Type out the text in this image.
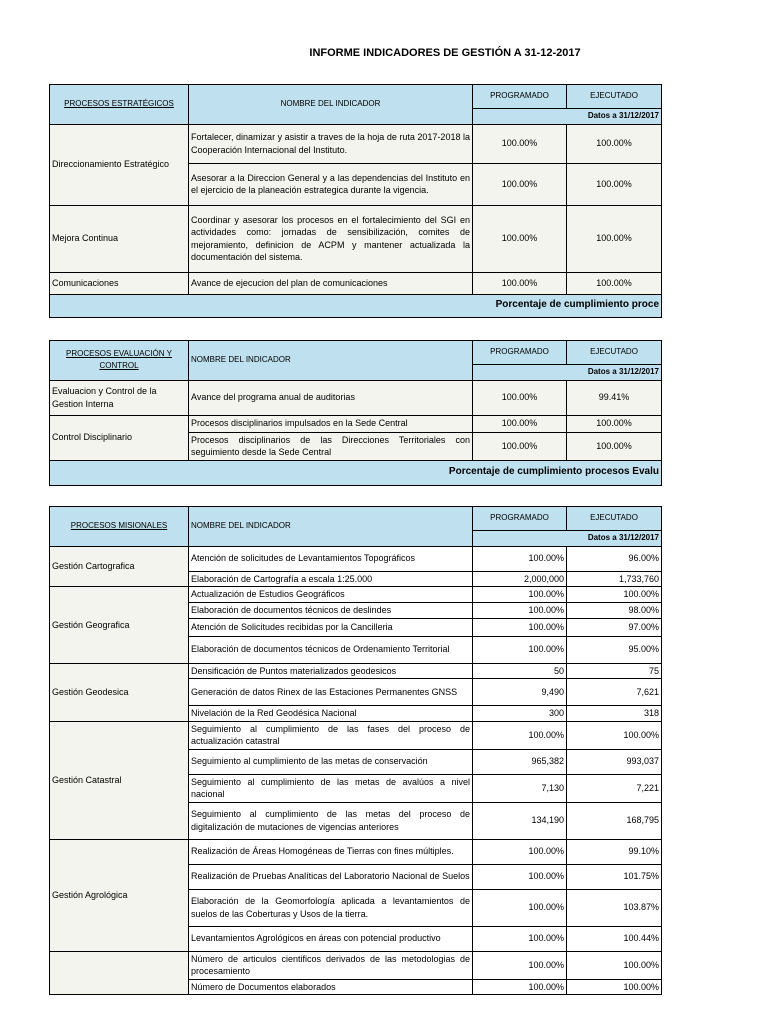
INFORME INDICADORES DE GESTIÓN A 31-12-2017
PROCESOS ESTRATÉGICOS	NOMBRE DEL INDICADOR	PROGRAMADO	EJECUTADO
		Datos a 31/12/2017	
Direccionamiento Estratégico	Fortalecer, dinamizar y asistir a traves de la hoja de ruta 2017-2018 la Cooperación Internacional del Instituto.	100.00%	100.00%
	Asesorar a la Direccion General y a las dependencias del Instituto en el ejercicio de la planeación estrategica durante la vigencia.	100.00%	100.00%
Mejora Continua	Coordinar y asesorar los procesos en el fortalecimiento del SGI en actividades como: jornadas de sensibilización, comites de mejoramiento, definicion de ACPM y mantener actualizada la documentación del sistema.	100.00%	100.00%
Comunicaciones	Avance de ejecucion del plan de comunicaciones	100.00%	100.00%
Porcentaje de cumplimiento proce			
PROCESOS EVALUACIÓN Y CONTROL	NOMBRE DEL INDICADOR	PROGRAMADO	EJECUTADO
		Datos a 31/12/2017	
Evaluacion y Control de la Gestion Interna	Avance del programa anual de auditorias	100.00%	99.41%
Control Disciplinario	Procesos disciplinarios impulsados en la Sede Central	100.00%	100.00%
	Procesos disciplinarios de las Direcciones Territoriales con seguimiento desde la Sede Central	100.00%	100.00%
Porcentaje de cumplimiento procesos Evalu			
PROCESOS MISIONALES	NOMBRE DEL INDICADOR	PROGRAMADO	EJECUTADO
		Datos a 31/12/2017	
Gestión Cartografica	Atención de solicitudes de Levantamientos Topográficos	100.00%	96.00%
	Elaboración de Cartografía a escala 1:25.000	2,000,000	1,733,760
Gestión Geografica	Actualización de Estudios Geográficos	100.00%	100.00%
	Elaboración de documentos técnicos de deslindes	100.00%	98.00%
	Atención de Solicitudes recibidas por la Cancilleria	100.00%	97.00%
	Elaboración de documentos técnicos de Ordenamiento Territorial	100.00%	95.00%
Gestión Geodesica	Densificación de Puntos materializados geodesicos	50	75
	Generación de datos Rinex de las Estaciones Permanentes GNSS	9,490	7,621
	Nivelación de la Red Geodésica Nacional	300	318
Gestión Catastral	Seguimiento al cumplimiento de las fases del proceso de actualización catastral	100.00%	100.00%
	Seguimiento al cumplimiento de las metas de conservación	965,382	993,037
	Seguimiento al cumplimiento de las metas de avalúos a nivel nacional	7,130	7,221
	Seguimiento al cumplimiento de las metas del proceso de digitalización de mutaciones de vigencias anteriores	134,190	168,795
Gestión Agrológica	Realización de Áreas Homogéneas de Tierras con fines múltiples.	100.00%	99.10%
	Realización de Pruebas Analíticas del Laboratorio Nacional de Suelos	100.00%	101.75%
	Elaboración de la Geomorfología aplicada a levantamientos de suelos de las Coberturas y Usos de la tierra.	100.00%	103.87%
	Levantamientos Agrológicos en áreas con potencial productivo	100.00%	100.44%
	Número de articulos cientificos derivados de las metodologias de procesamiento	100.00%	100.00%
	Número de Documentos elaborados	100.00%	100.00%
